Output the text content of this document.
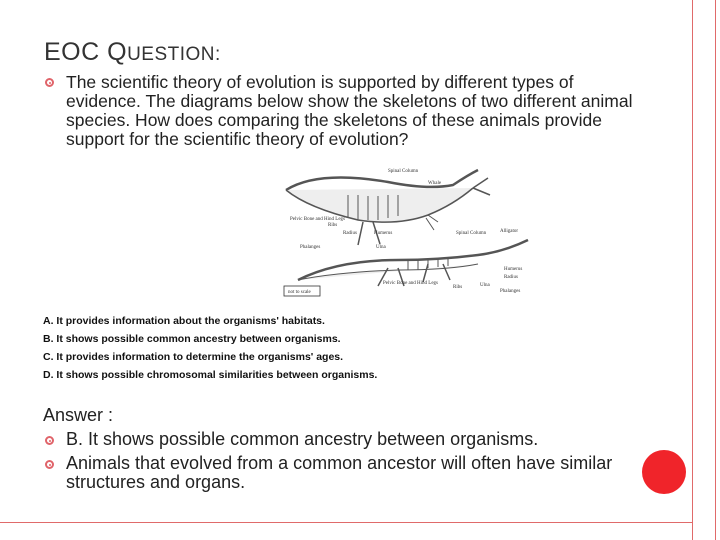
EOC QUESTION:
The scientific theory of evolution is supported by different types of evidence. The diagrams below show the skeletons of two different animal species. How does comparing the skeletons of these animals provide support for the scientific theory of evolution?
Spinal Column
Whale
Pelvic Bone and Hind Legs
Ribs
Radius	Humerus
Phalanges	Ulna
Spinal Column	Alligator
Humerus
Radius
Ulna
Pelvic Bone and Hind Legs
Ribs
Phalanges
not to scale
A. It provides information about the organisms' habitats.
B. It shows possible common ancestry between organisms.
C. It provides information to determine the organisms' ages.
D. It shows possible chromosomal similarities between organisms.
Answer :
B. It shows possible common ancestry between organisms.
Animals that evolved from a common ancestor will often have similar structures and organs.
